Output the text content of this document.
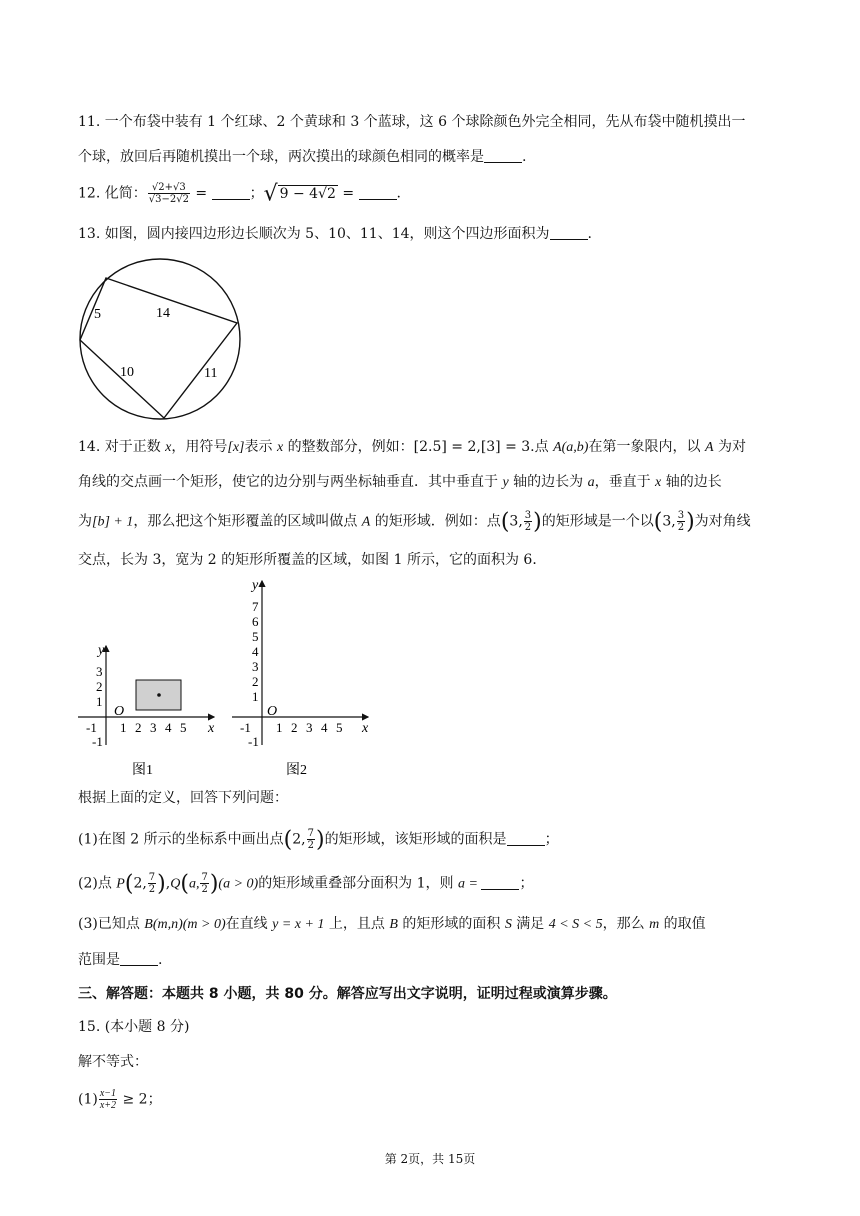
11. 一个布袋中装有 1 个红球、2 个黄球和 3 个蓝球，这 6 个球除颜色外完全相同，先从布袋中随机摸出一
个球，放回后再随机摸出一个球，两次摸出的球颜色相同的概率是	.
12. 化简： $\frac{√2+√3}{√3-2√2}$ =	；√ 9 − 4√2 =	.
13. 如图，圆内接四边形边长顺次为 5、10、11、14，则这个四边形面积为	.
5	14
10	11
14. 对于正数 x，用符号[x]表示 x 的整数部分，例如：[2.5] = 2,[3] = 3.点 A(a,b)在第一象限内，以 A 为对
角线的交点画一个矩形，使它的边分别与两坐标轴垂直．其中垂直于 y 轴的边长为 a，垂直于 x 轴的边长
为[b] + 1，那么把这个矩形覆盖的区域叫做点 A 的矩形域．例如：点(3, $\frac{3}{2}$ )的矩形域是一个以(3, $\frac{3}{2}$ )为对角线
交点，长为 3，宽为 2 的矩形所覆盖的区域，如图 1 所示，它的面积为 6．
x
y
O
-1 1 2 3 4 5
3
2
1
-1
图1
x
y
O
-1 1 2 3 4 5
7
6
5
4
3
2
1
-1
图2
根据上面的定义，回答下列问题：
(1)在图 2 所示的坐标系中画出点(2, $\frac{7}{2}$ )的矩形域，该矩形域的面积是	；
(2)点 P(2, $\frac{7}{2} ),Q(a$, $\frac{7}{2} )(a > 0)$的矩形域重叠部分面积为 1，则 a =	；
(3)已知点 B(m,n)(m > 0)在直线 y = x + 1 上，且点 B 的矩形域的面积 S 满足 4 < S < 5，那么 m 的取值
范围是	.
三、解答题：本题共 8 小题，共 80 分。解答应写出文字说明，证明过程或演算步骤。
15. (本小题 8 分)
解不等式：
$(1) \frac{x-1}{x+2} \ge 2$；
第 2页，共 15页
